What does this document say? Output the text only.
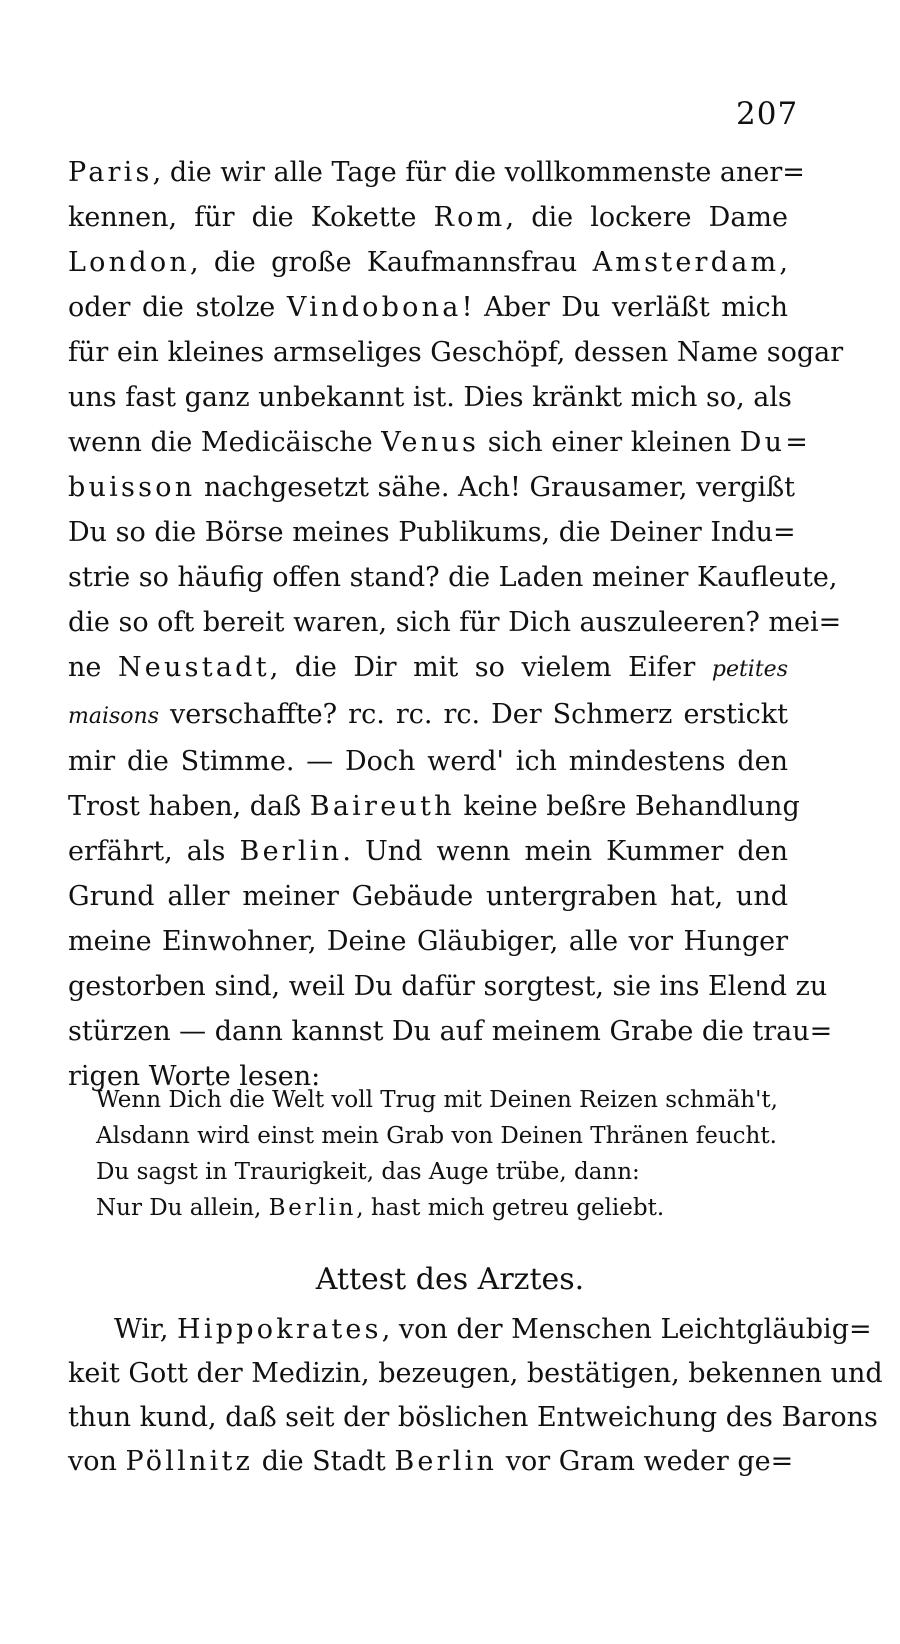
207
Paris, die wir alle Tage für die vollkommenste aner=
kennen, für die Kokette Rom, die lockere Dame
London, die große Kaufmannsfrau Amsterdam,
oder die stolze Vindobona! Aber Du verläßt mich
für ein kleines armseliges Geschöpf, dessen Name sogar
uns fast ganz unbekannt ist. Dies kränkt mich so, als
wenn die Medicäische Venus sich einer kleinen Du=
buisson nachgesetzt sähe. Ach! Grausamer, vergißt
Du so die Börse meines Publikums, die Deiner Indu=
strie so häufig offen stand? die Laden meiner Kaufleute,
die so oft bereit waren, sich für Dich auszuleeren? mei=
ne Neustadt, die Dir mit so vielem Eifer petites
maisons verschaffte? rc. rc. rc. Der Schmerz erstickt
mir die Stimme. — Doch werd' ich mindestens den
Trost haben, daß Baireuth keine beßre Behandlung
erfährt, als Berlin. Und wenn mein Kummer den
Grund aller meiner Gebäude untergraben hat, und
meine Einwohner, Deine Gläubiger, alle vor Hunger
gestorben sind, weil Du dafür sorgtest, sie ins Elend zu
stürzen — dann kannst Du auf meinem Grabe die trau=
rigen Worte lesen:
Wenn Dich die Welt voll Trug mit Deinen Reizen schmäh't,
Alsdann wird einst mein Grab von Deinen Thränen feucht.
Du sagst in Traurigkeit, das Auge trübe, dann:
Nur Du allein, Berlin, hast mich getreu geliebt.
Attest des Arztes.
Wir, Hippokrates, von der Menschen Leichtgläubig=
keit Gott der Medizin, bezeugen, bestätigen, bekennen und
thun kund, daß seit der böslichen Entweichung des Barons
von Pöllnitz die Stadt Berlin vor Gram weder ge=
